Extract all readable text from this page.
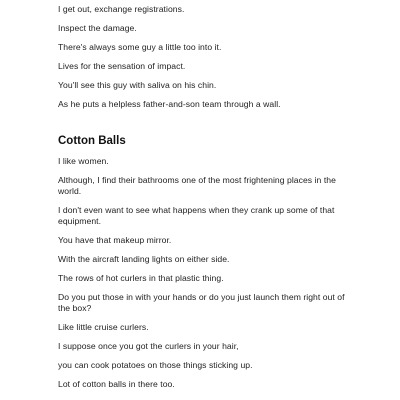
I get out, exchange registrations.

Inspect the damage.

There's always some guy a little too into it.

Lives for the sensation of impact.

You'll see this guy with saliva on his chin.

As he puts a helpless father-and-son team through a wall.

Cotton Balls

I like women.

Although, I find their bathrooms one of the most frightening places in the world.

I don't even want to see what happens when they crank up some of that equipment.

You have that makeup mirror.

With the aircraft landing lights on either side.

The rows of hot curlers in that plastic thing.

Do you put those in with your hands or do you just launch them right out of the box?

Like little cruise curlers.

I suppose once you got the curlers in your hair,

you can cook potatoes on those things sticking up.

Lot of cotton balls in there too.
